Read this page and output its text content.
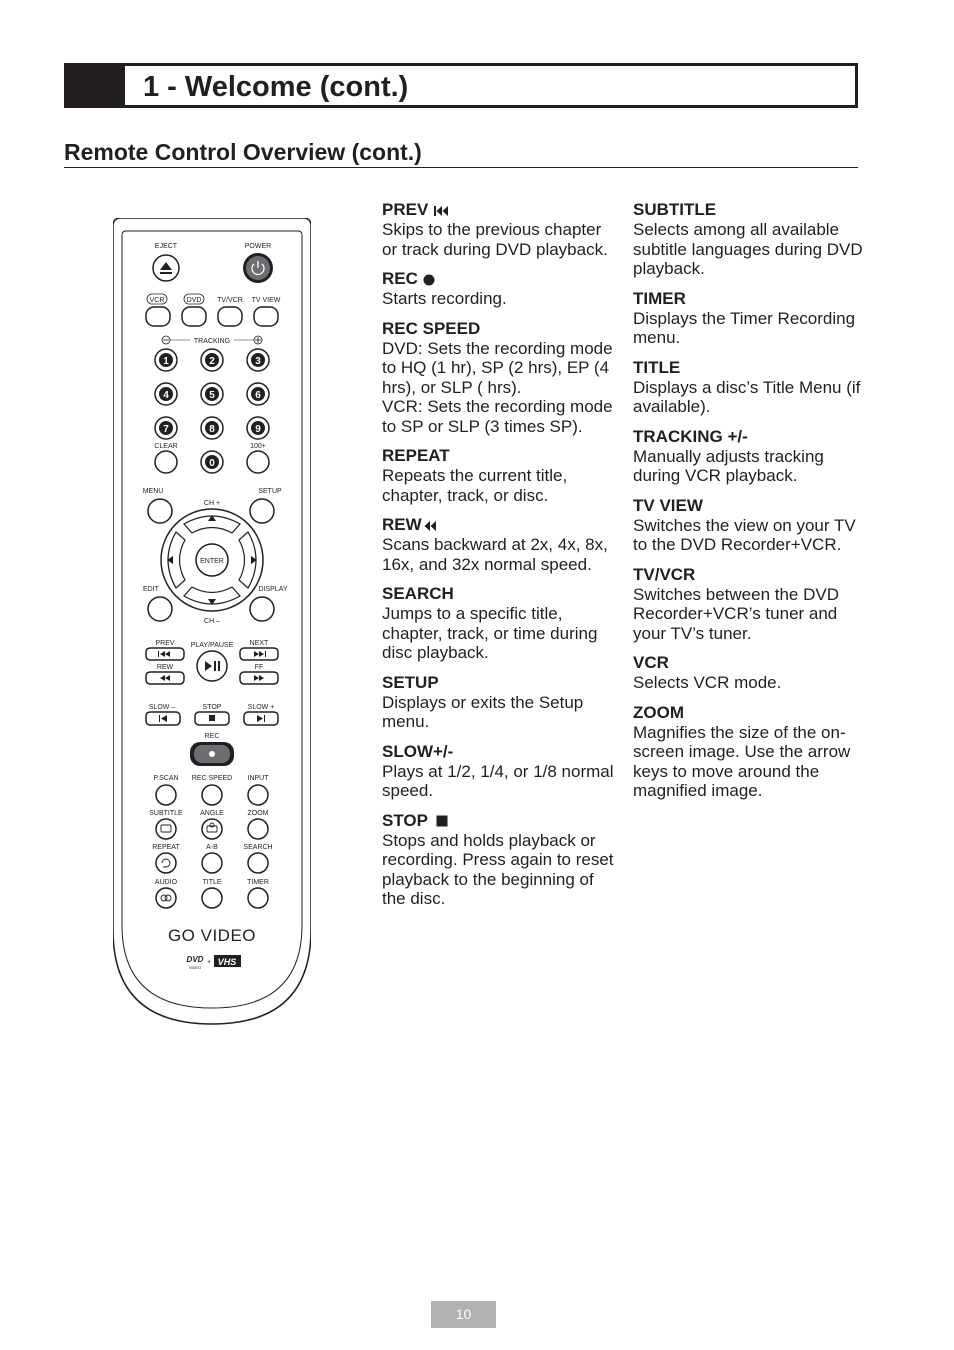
1 - Welcome (cont.)
Remote Control Overview (cont.)
EJECT	POWER
VCR	DVD TV/VCR TV VIEW
TRACKING
1	2	3
4	5	6
7	8	9
0
CLEAR	100+
MENU	SETUP
CH +
CH –
EDIT	DISPLAY
ENTER
PREV PLAY/PAUSE NEXT
REW	FF
SLOW –	STOP	SLOW +
REC
P.SCAN REC SPEED INPUT
SUBTITLE ANGLE	ZOOM
REPEAT	A-B	SEARCH
AUDIO	TITLE	TIMER
GO VIDEO
DVD
VIDEO
+ VHS
PREV
Skips to the previous chapter or track during DVD playback.
REC
Starts recording.
REC SPEED
DVD: Sets the recording mode to HQ (1 hr), SP (2 hrs), EP (4 hrs), or SLP ( hrs).
VCR: Sets the recording mode to SP or SLP (3 times SP).
REPEAT
Repeats the current title, chapter, track, or disc.
REW
Scans backward at 2x, 4x, 8x, 16x, and 32x normal speed.
SEARCH
Jumps to a specific title, chapter, track, or time during disc playback.
SETUP
Displays or exits the Setup menu.
SLOW+/-
Plays at 1/2, 1/4, or 1/8 normal speed.
STOP
Stops and holds playback or recording. Press again to reset playback to the beginning of the disc.
SUBTITLE
Selects among all available subtitle languages during DVD playback.
TIMER
Displays the Timer Recording menu.
TITLE
Displays a disc’s Title Menu (if available).
TRACKING +/-
Manually adjusts tracking during VCR playback.
TV VIEW
Switches the view on your TV to the DVD Recorder+VCR.
TV/VCR
Switches between the DVD Recorder+VCR’s tuner and your TV’s tuner.
VCR
Selects VCR mode.
ZOOM
Magnifies the size of the on-screen image. Use the arrow keys to move around the magnified image.
10
